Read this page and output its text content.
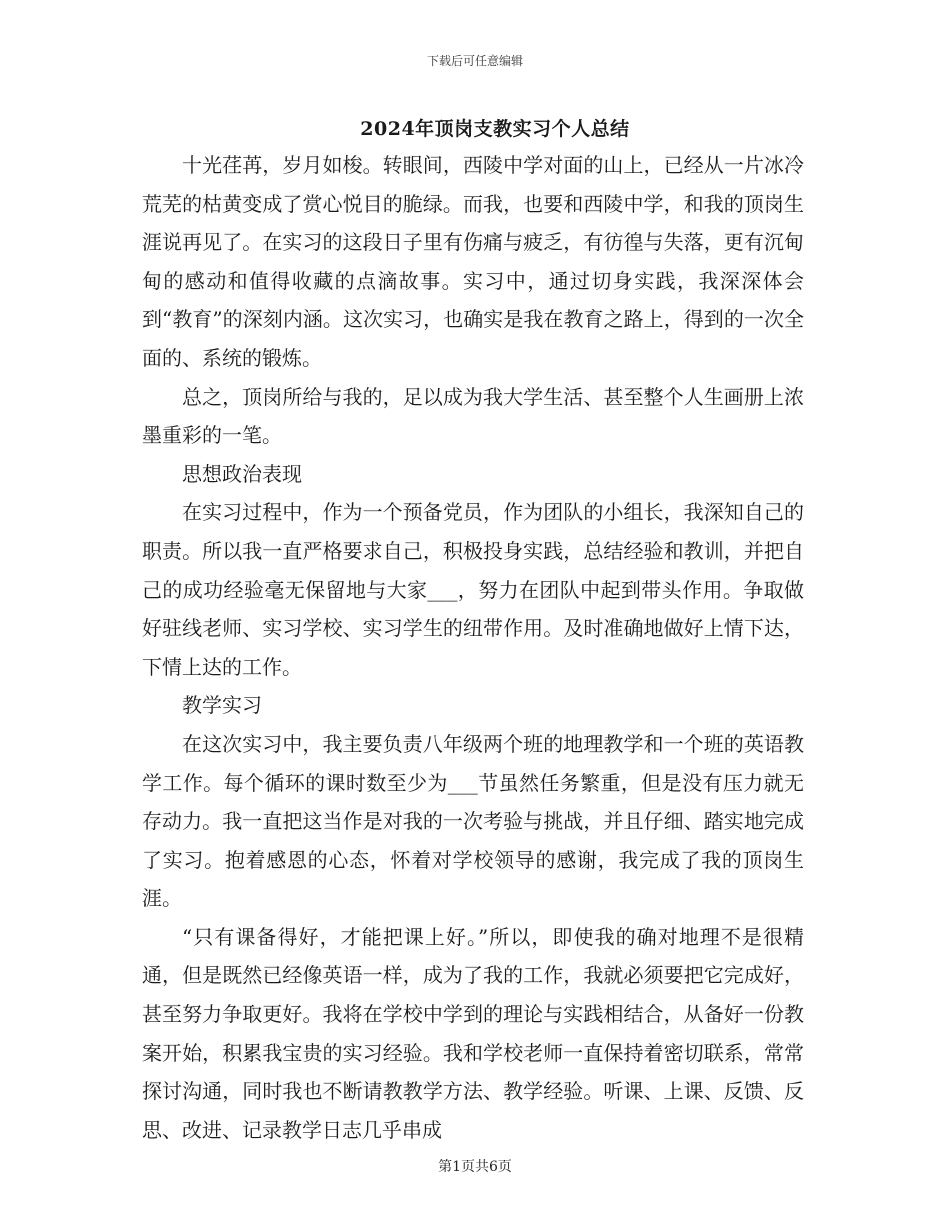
下载后可任意编辑
2024年顶岗支教实习个人总结

十光荏苒，岁月如梭。转眼间，西陵中学对面的山上，已经从一片冰冷荒芜的枯黄变成了赏心悦目的脆绿。而我，也要和西陵中学，和我的顶岗生涯说再见了。在实习的这段日子里有伤痛与疲乏，有彷徨与失落，更有沉甸甸的感动和值得收藏的点滴故事。实习中，通过切身实践，我深深体会到“教育”的深刻内涵。这次实习，也确实是我在教育之路上，得到的一次全面的、系统的锻炼。

总之，顶岗所给与我的，足以成为我大学生活、甚至整个人生画册上浓墨重彩的一笔。

思想政治表现

在实习过程中，作为一个预备党员，作为团队的小组长，我深知自己的职责。所以我一直严格要求自己，积极投身实践，总结经验和教训，并把自己的成功经验毫无保留地与大家___，努力在团队中起到带头作用。争取做好驻线老师、实习学校、实习学生的纽带作用。及时准确地做好上情下达，下情上达的工作。

教学实习

在这次实习中，我主要负责八年级两个班的地理教学和一个班的英语教学工作。每个循环的课时数至少为___节虽然任务繁重，但是没有压力就无存动力。我一直把这当作是对我的一次考验与挑战，并且仔细、踏实地完成了实习。抱着感恩的心态，怀着对学校领导的感谢，我完成了我的顶岗生涯。

“只有课备得好，才能把课上好。”所以，即使我的确对地理不是很精通，但是既然已经像英语一样，成为了我的工作，我就必须要把它完成好，甚至努力争取更好。我将在学校中学到的理论与实践相结合，从备好一份教案开始，积累我宝贵的实习经验。我和学校老师一直保持着密切联系，常常探讨沟通，同时我也不断请教教学方法、教学经验。听课、上课、反馈、反思、改进、记录教学日志几乎串成

第1页共6页
